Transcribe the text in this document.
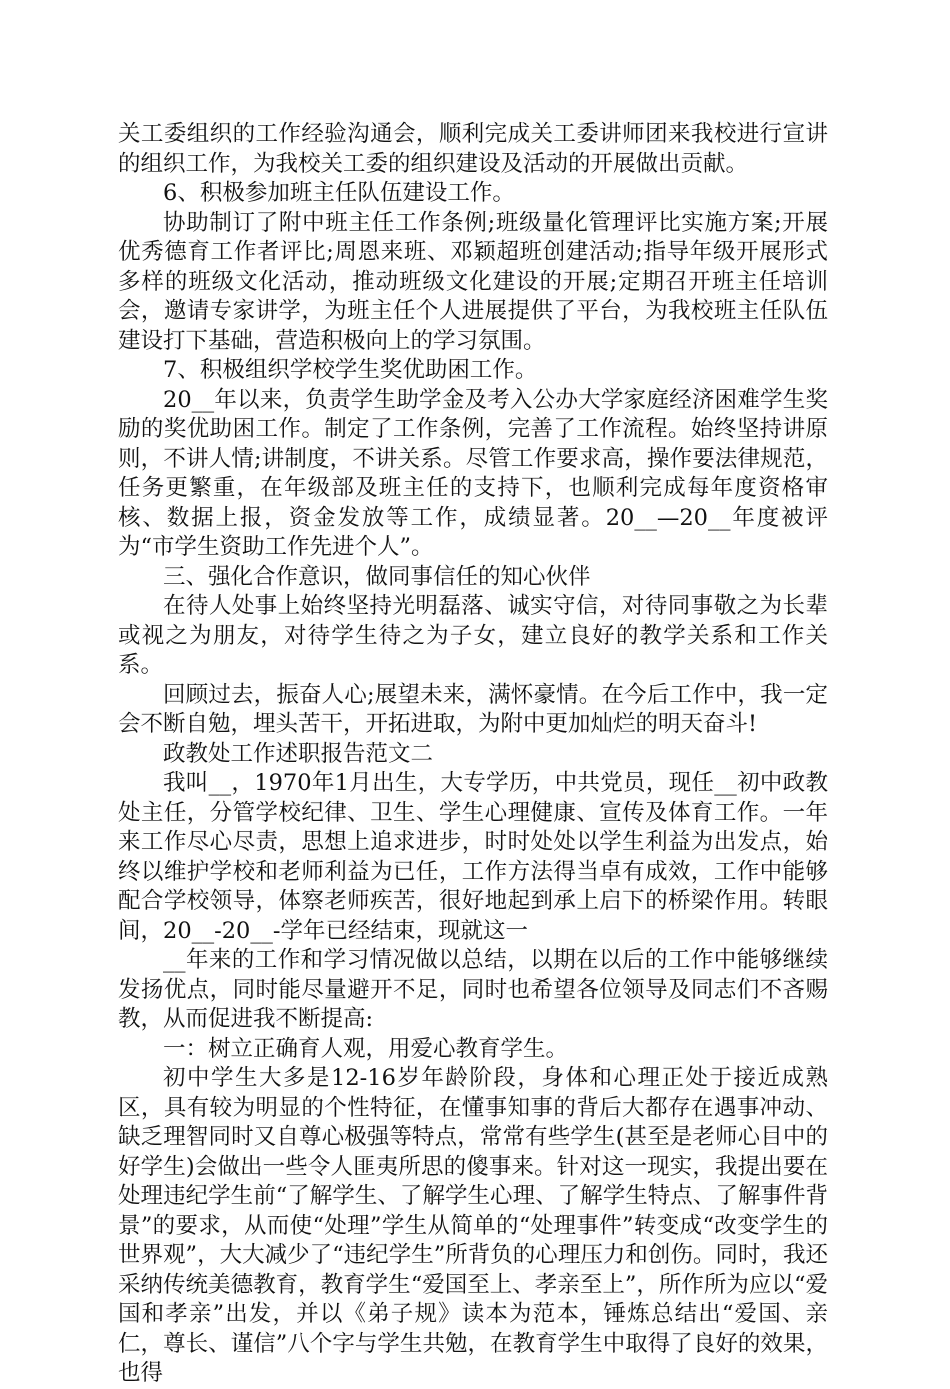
关工委组织的工作经验沟通会，顺利完成关工委讲师团来我校进行宣讲的组织工作，为我校关工委的组织建设及活动的开展做出贡献。

6、积极参加班主任队伍建设工作。

协助制订了附中班主任工作条例;班级量化管理评比实施方案;开展优秀德育工作者评比;周恩来班、邓颖超班创建活动;指导年级开展形式多样的班级文化活动，推动班级文化建设的开展;定期召开班主任培训会，邀请专家讲学，为班主任个人进展提供了平台，为我校班主任队伍建设打下基础，营造积极向上的学习氛围。

7、积极组织学校学生奖优助困工作。

20__年以来，负责学生助学金及考入公办大学家庭经济困难学生奖励的奖优助困工作。制定了工作条例，完善了工作流程。始终坚持讲原则，不讲人情;讲制度，不讲关系。尽管工作要求高，操作要法律规范，任务更繁重，在年级部及班主任的支持下，也顺利完成每年度资格审核、数据上报，资金发放等工作，成绩显著。20__—20__年度被评为“市学生资助工作先进个人”。

三、强化合作意识，做同事信任的知心伙伴

在待人处事上始终坚持光明磊落、诚实守信，对待同事敬之为长辈或视之为朋友，对待学生待之为子女，建立良好的教学关系和工作关系。

回顾过去，振奋人心;展望未来，满怀豪情。在今后工作中，我一定会不断自勉，埋头苦干，开拓进取，为附中更加灿烂的明天奋斗!

政教处工作述职报告范文二

我叫__，1970年1月出生，大专学历，中共党员，现任__初中政教处主任，分管学校纪律、卫生、学生心理健康、宣传及体育工作。一年来工作尽心尽责，思想上追求进步，时时处处以学生利益为出发点，始终以维护学校和老师利益为已任，工作方法得当卓有成效，工作中能够配合学校领导，体察老师疾苦，很好地起到承上启下的桥梁作用。转眼间，20__-20__-学年已经结束，现就这一

__年来的工作和学习情况做以总结，以期在以后的工作中能够继续发扬优点，同时能尽量避开不足，同时也希望各位领导及同志们不吝赐教，从而促进我不断提高:

一：树立正确育人观，用爱心教育学生。

初中学生大多是12-16岁年龄阶段，身体和心理正处于接近成熟区，具有较为明显的个性特征，在懂事知事的背后大都存在遇事冲动、缺乏理智同时又自尊心极强等特点，常常有些学生(甚至是老师心目中的好学生)会做出一些令人匪夷所思的傻事来。针对这一现实，我提出要在处理违纪学生前“了解学生、了解学生心理、了解学生特点、了解事件背景”的要求，从而使“处理”学生从简单的“处理事件”转变成“改变学生的世界观”，大大减少了“违纪学生”所背负的心理压力和创伤。同时，我还采纳传统美德教育，教育学生“爱国至上、孝亲至上”，所作所为应以“爱国和孝亲”出发，并以《弟子规》读本为范本，锤炼总结出“爱国、亲仁，尊长、谨信”八个字与学生共勉，在教育学生中取得了良好的效果，也得
